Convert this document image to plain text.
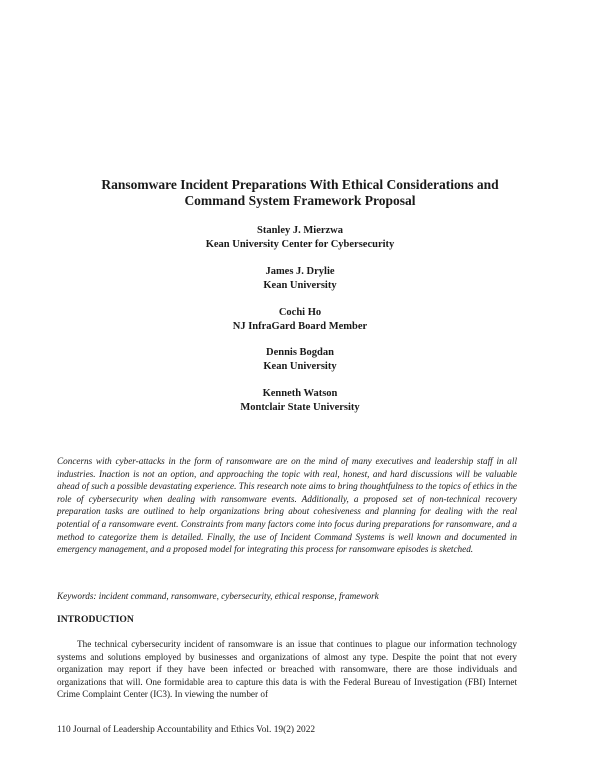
Ransomware Incident Preparations With Ethical Considerations and
Command System Framework Proposal
Stanley J. Mierzwa
Kean University Center for Cybersecurity
James J. Drylie
Kean University
Cochi Ho
NJ InfraGard Board Member
Dennis Bogdan
Kean University
Kenneth Watson
Montclair State University

Concerns with cyber-attacks in the form of ransomware are on the mind of many executives and leadership staff in all industries. Inaction is not an option, and approaching the topic with real, honest, and hard discussions will be valuable ahead of such a possible devastating experience. This research note aims to bring thoughtfulness to the topics of ethics in the role of cybersecurity when dealing with ransomware events. Additionally, a proposed set of non-technical recovery preparation tasks are outlined to help organizations bring about cohesiveness and planning for dealing with the real potential of a ransomware event. Constraints from many factors come into focus during preparations for ransomware, and a method to categorize them is detailed. Finally, the use of Incident Command Systems is well known and documented in emergency management, and a proposed model for integrating this process for ransomware episodes is sketched.

Keywords: incident command, ransomware, cybersecurity, ethical response, framework

INTRODUCTION

The technical cybersecurity incident of ransomware is an issue that continues to plague our information technology systems and solutions employed by businesses and organizations of almost any type. Despite the point that not every organization may report if they have been infected or breached with ransomware, there are those individuals and organizations that will. One formidable area to capture this data is with the Federal Bureau of Investigation (FBI) Internet Crime Complaint Center (IC3). In viewing the number of

110 Journal of Leadership Accountability and Ethics Vol. 19(2) 2022
